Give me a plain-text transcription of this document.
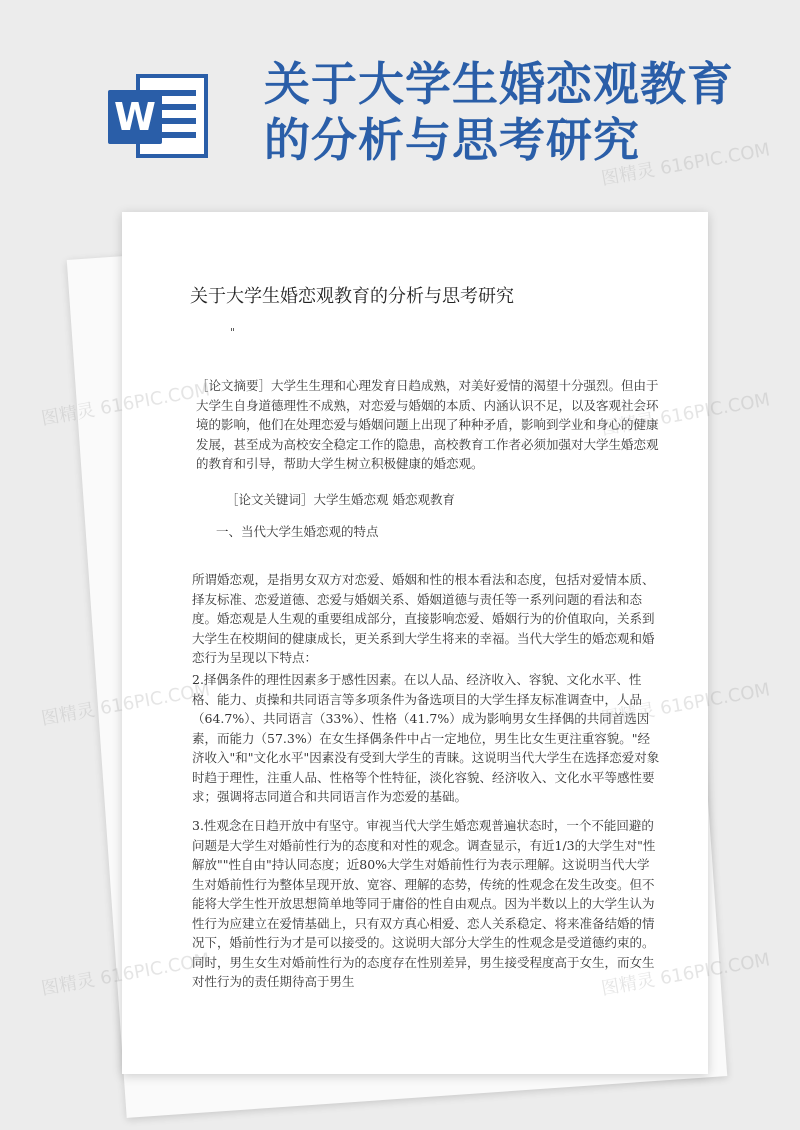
W
关于大学生婚恋观教育
的分析与思考研究
关于大学生婚恋观教育的分析与思考研究
"

［论文摘要］大学生生理和心理发育日趋成熟，对美好爱情的渴望十分强烈。但由于大学生自身道德理性不成熟，对恋爱与婚姻的本质、内涵认识不足，以及客观社会环境的影响，他们在处理恋爱与婚姻问题上出现了种种矛盾，影响到学业和身心的健康发展，甚至成为高校安全稳定工作的隐患，高校教育工作者必须加强对大学生婚恋观的教育和引导，帮助大学生树立积极健康的婚恋观。

［论文关键词］大学生婚恋观 婚恋观教育

一、当代大学生婚恋观的特点

所谓婚恋观，是指男女双方对恋爱、婚姻和性的根本看法和态度，包括对爱情本质、择友标准、恋爱道德、恋爱与婚姻关系、婚姻道德与责任等一系列问题的看法和态度。婚恋观是人生观的重要组成部分，直接影响恋爱、婚姻行为的价值取向，关系到大学生在校期间的健康成长，更关系到大学生将来的幸福。当代大学生的婚恋观和婚恋行为呈现以下特点：

2.择偶条件的理性因素多于感性因素。在以人品、经济收入、容貌、文化水平、性格、能力、贞操和共同语言等多项条件为备选项目的大学生择友标准调查中，人品（64.7%）、共同语言（33%）、性格（41.7%）成为影响男女生择偶的共同首选因素，而能力（57.3%）在女生择偶条件中占一定地位，男生比女生更注重容貌。"经济收入"和"文化水平"因素没有受到大学生的青睐。这说明当代大学生在选择恋爱对象时趋于理性，注重人品、性格等个性特征，淡化容貌、经济收入、文化水平等感性要求；强调将志同道合和共同语言作为恋爱的基础。

3.性观念在日趋开放中有坚守。审视当代大学生婚恋观普遍状态时，一个不能回避的问题是大学生对婚前性行为的态度和对性的观念。调查显示，有近1/3的大学生对"性解放""性自由"持认同态度；近80%大学生对婚前性行为表示理解。这说明当代大学生对婚前性行为整体呈现开放、宽容、理解的态势，传统的性观念在发生改变。但不能将大学生性开放思想简单地等同于庸俗的性自由观点。因为半数以上的大学生认为性行为应建立在爱情基础上，只有双方真心相爱、恋人关系稳定、将来准备结婚的情况下，婚前性行为才是可以接受的。这说明大部分大学生的性观念是受道德约束的。同时，男生女生对婚前性行为的态度存在性别差异，男生接受程度高于女生，而女生对性行为的责任期待高于男生

图精灵 616PIC.COM
图精灵 616PIC.COM	图精灵 616PIC.COM
图精灵 616PIC.COM	图精灵 616PIC.COM
图精灵 616PIC.COM	图精灵 616PIC.COM
